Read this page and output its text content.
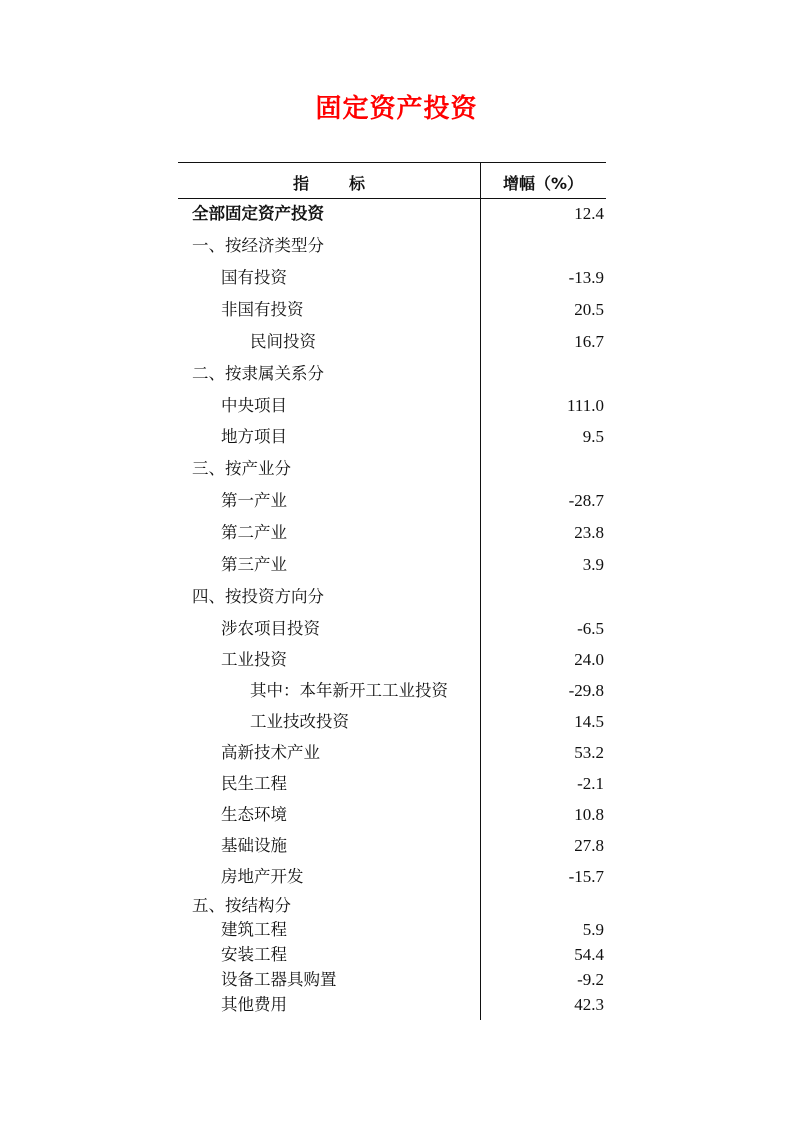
固定资产投资
指标	增幅（%）
全部固定资产投资	12.4
一、按经济类型分
国有投资	-13.9
非国有投资	20.5
民间投资	16.7
二、按隶属关系分
中央项目	111.0
地方项目	9.5
三、按产业分
第一产业	-28.7
第二产业	23.8
第三产业	3.9
四、按投资方向分
涉农项目投资	-6.5
工业投资	24.0
其中：本年新开工工业投资	-29.8
工业技改投资	14.5
高新技术产业	53.2
民生工程	-2.1
生态环境	10.8
基础设施	27.8
房地产开发	-15.7
五、按结构分
建筑工程	5.9
安装工程	54.4
设备工器具购置	-9.2
其他费用	42.3
